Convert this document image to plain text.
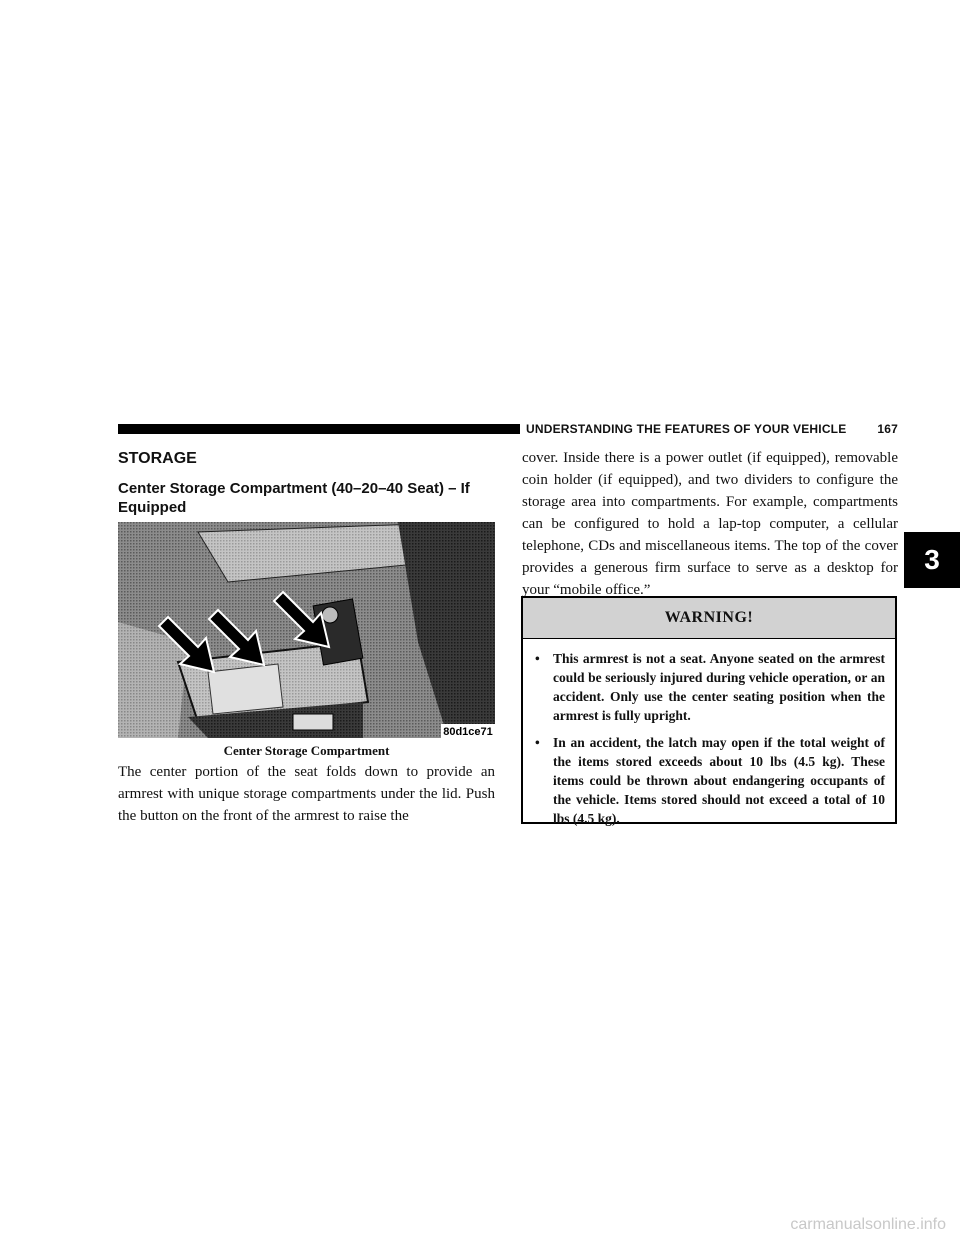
UNDERSTANDING THE FEATURES OF YOUR VEHICLE	167
STORAGE
Center Storage Compartment (40–20–40 Seat) – If Equipped
80d1ce71
Center Storage Compartment

The center portion of the seat folds down to provide an armrest with unique storage compartments under the lid. Push the button on the front of the armrest to raise the

cover. Inside there is a power outlet (if equipped), removable coin holder (if equipped), and two dividers to configure the storage area into compartments. For example, compartments can be configured to hold a lap-top computer, a cellular telephone, CDs and miscellaneous items. The top of the cover provides a generous firm surface to serve as a desktop for your “mobile office.”

WARNING!
• This armrest is not a seat. Anyone seated on the armrest could be seriously injured during vehicle operation, or an accident. Only use the center seating position when the armrest is fully upright.
• In an accident, the latch may open if the total weight of the items stored exceeds about 10 lbs (4.5 kg). These items could be thrown about endangering occupants of the vehicle. Items stored should not exceed a total of 10 lbs (4.5 kg).
3
carmanualsonline.info
